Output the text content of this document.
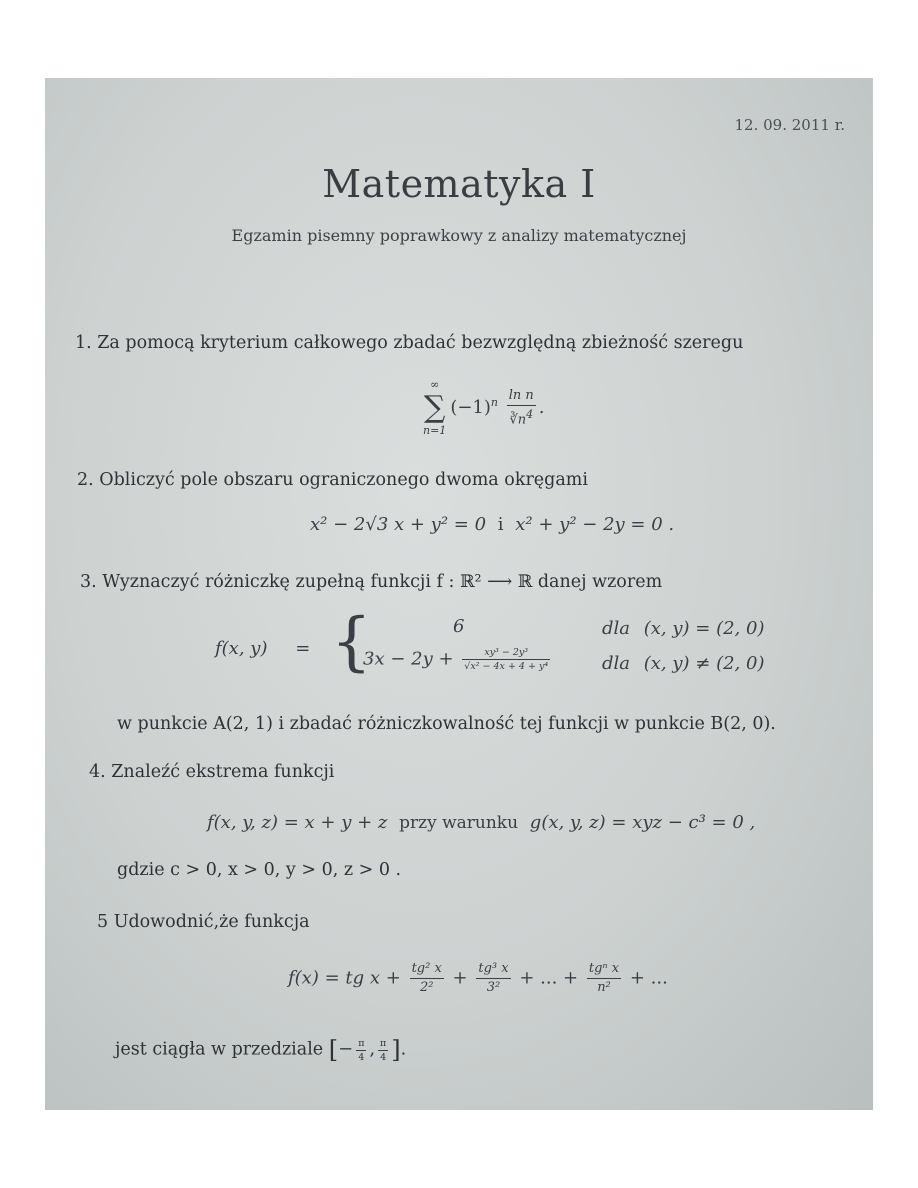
12. 09. 2011 r.
Matematyka I
Egzamin pisemny poprawkowy z analizy matematycznej
1. Za pomocą kryterium całkowego zbadać bezwzględną zbieżność szeregu
∞
∑
n=1
$(-1)^n \frac{\text{ln n}}{∛n^4}$ .
2. Obliczyć pole obszaru ograniczonego dwoma okręgami
x² − 2√3 x + y² = 0 i x² + y² − 2y = 0 .
3. Wyznaczyć różniczkę zupełną funkcji f : ℝ² ⟶ ℝ danej wzorem
f(x, y) = {	6	dla (x, y) = (2, 0)
$3x - 2y + \frac{\text{xy³ − 2y³}}{\text{√x² − 4x + 4 + y⁴}}$	dla (x, y) ≠ (2, 0)
w punkcie A(2, 1) i zbadać różniczkowalność tej funkcji w punkcie B(2, 0).
4. Znaleźć ekstrema funkcji
f(x, y, z) = x + y + z przy warunku g(x, y, z) = xyz − c³ = 0 ,
gdzie c > 0, x > 0, y > 0, z > 0 .
5 Udowodnić,że funkcja
f(x) = tg $x + \frac{\text{tg² x}}{\text{2²}} + \frac{\text{tg³ x}}{\text{3²}}$ + ... + $\frac{\text{tgⁿ x}}{\text{n²}}$ + ...
jest ciągła w przedziale [− $\frac{\pi}{4}$ , $\frac{\pi}{4}$ ].
